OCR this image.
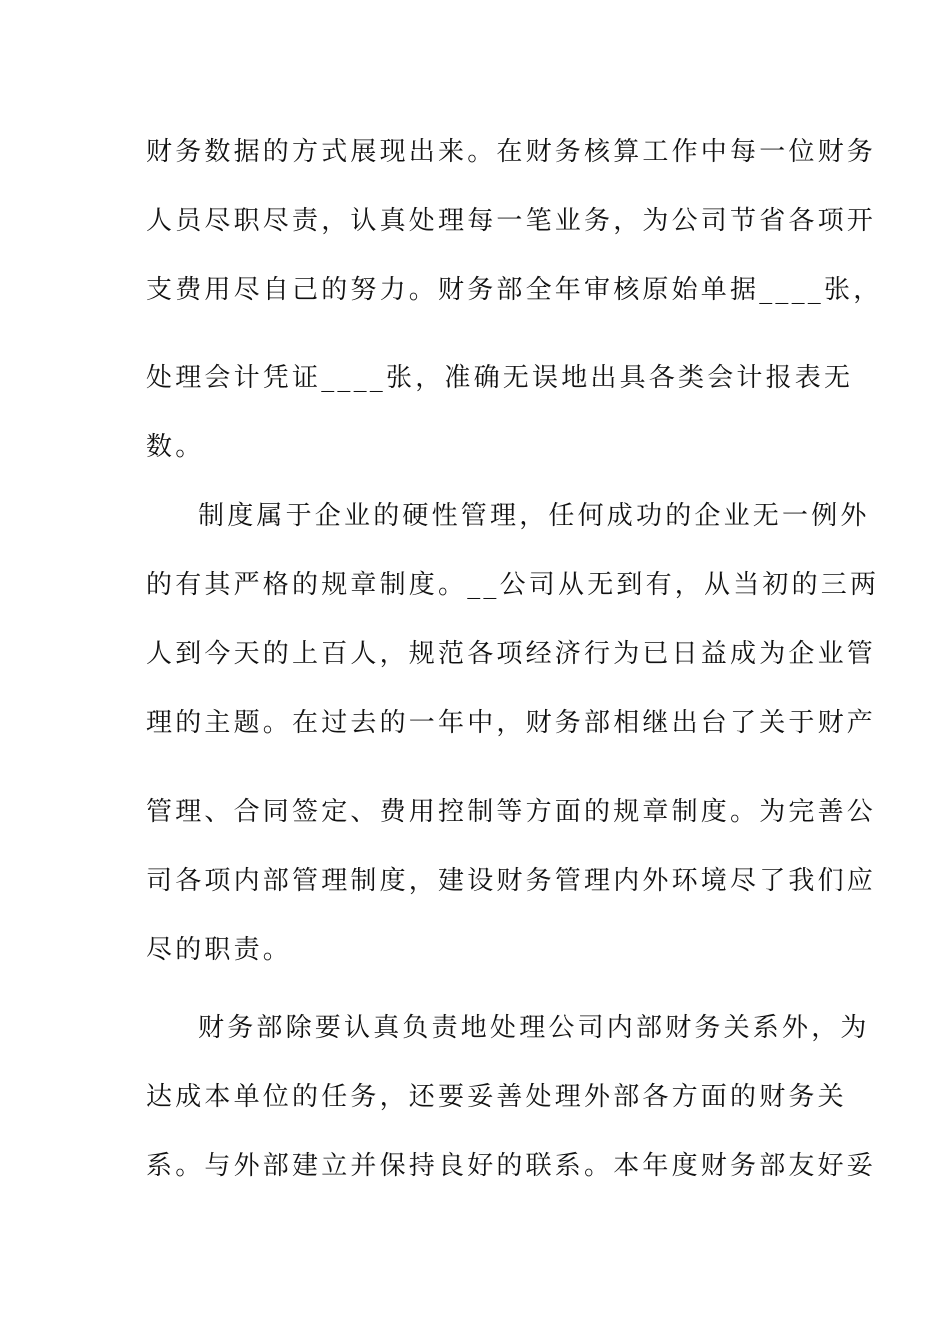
财务数据的方式展现出来。在财务核算工作中每一位财务
人员尽职尽责，认真处理每一笔业务，为公司节省各项开
支费用尽自己的努力。财务部全年审核原始单据____张，
处理会计凭证____张，准确无误地出具各类会计报表无
数。
制度属于企业的硬性管理，任何成功的企业无一例外
的有其严格的规章制度。__公司从无到有，从当初的三两
人到今天的上百人，规范各项经济行为已日益成为企业管
理的主题。在过去的一年中，财务部相继出台了关于财产
管理、合同签定、费用控制等方面的规章制度。为完善公
司各项内部管理制度，建设财务管理内外环境尽了我们应
尽的职责。
财务部除要认真负责地处理公司内部财务关系外，为
达成本单位的任务，还要妥善处理外部各方面的财务关
系。与外部建立并保持良好的联系。本年度财务部友好妥
